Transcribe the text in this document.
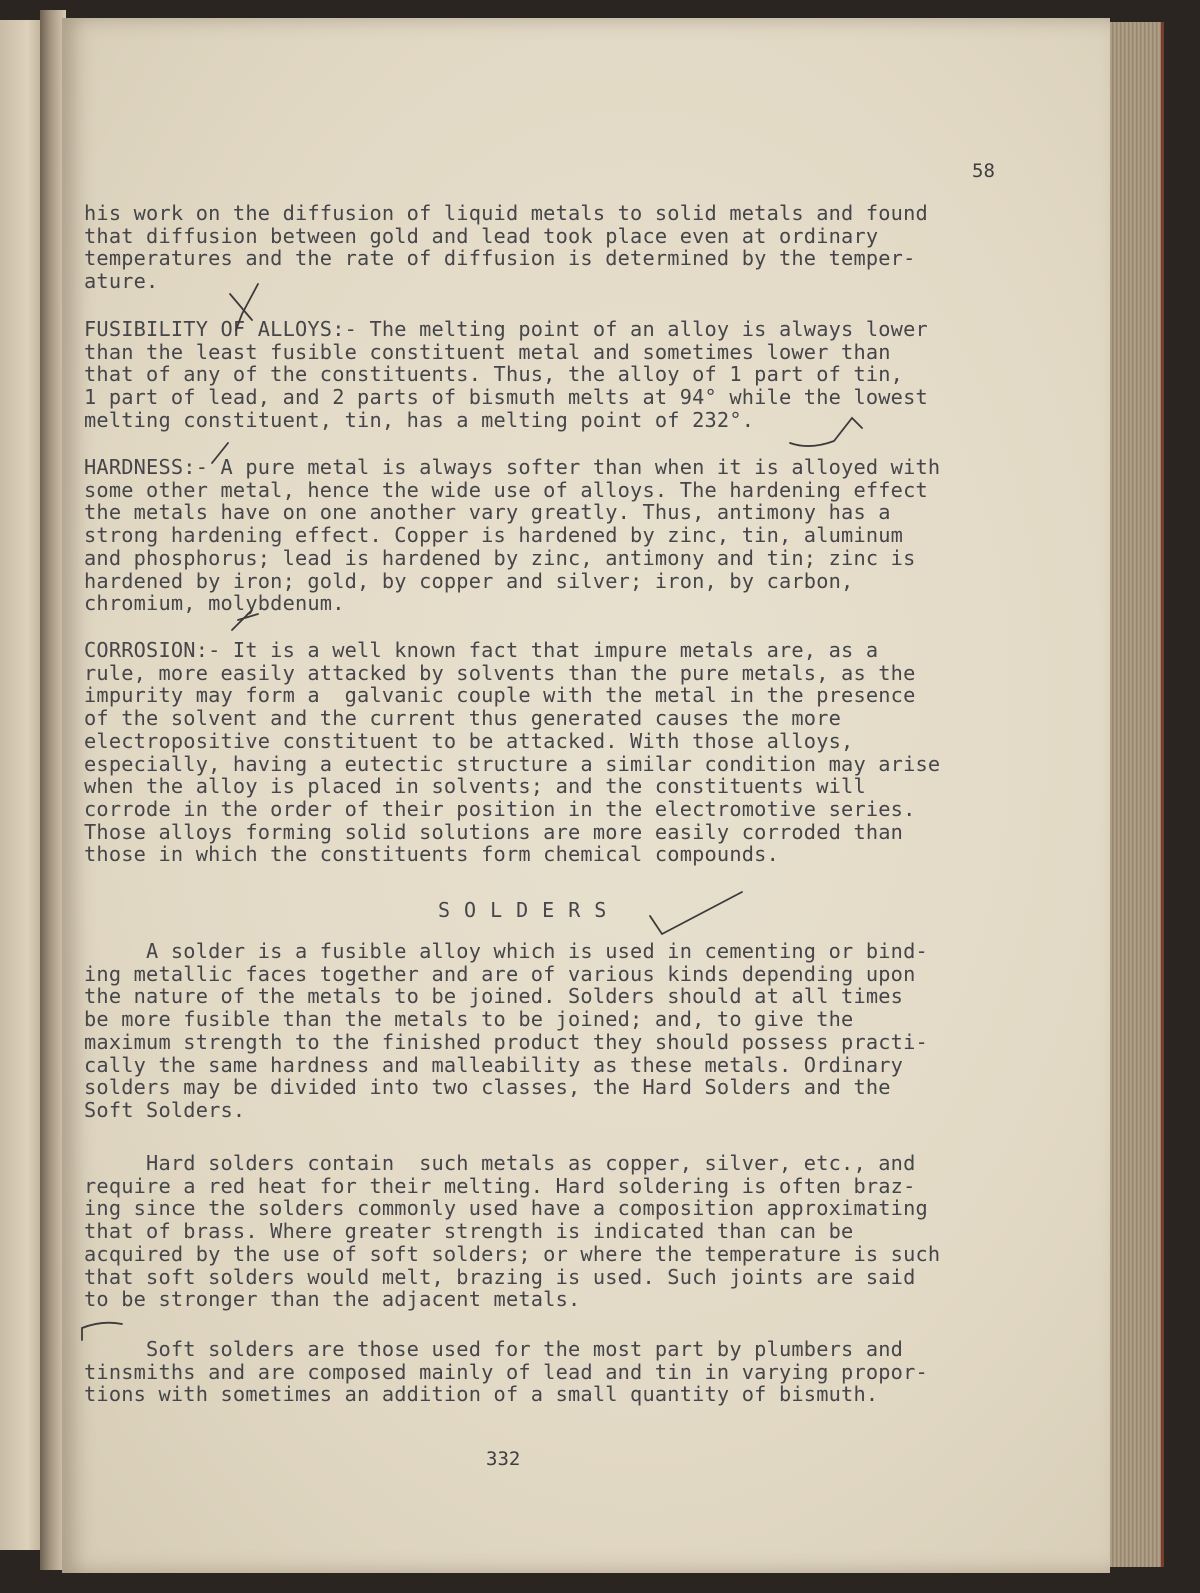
58
his work on the diffusion of liquid metals to solid metals and found
that diffusion between gold and lead took place even at ordinary
temperatures and the rate of diffusion is determined by the temper-
ature.
FUSIBILITY OF ALLOYS:- The melting point of an alloy is always lower
than the least fusible constituent metal and sometimes lower than
that of any of the constituents. Thus, the alloy of 1 part of tin,
1 part of lead, and 2 parts of bismuth melts at 94° while the lowest
melting constituent, tin, has a melting point of 232°.
HARDNESS:- A pure metal is always softer than when it is alloyed with
some other metal, hence the wide use of alloys. The hardening effect
the metals have on one another vary greatly. Thus, antimony has a
strong hardening effect. Copper is hardened by zinc, tin, aluminum
and phosphorus; lead is hardened by zinc, antimony and tin; zinc is
hardened by iron; gold, by copper and silver; iron, by carbon,
chromium, molybdenum.
CORROSION:- It is a well known fact that impure metals are, as a
rule, more easily attacked by solvents than the pure metals, as the
impurity may form a  galvanic couple with the metal in the presence
of the solvent and the current thus generated causes the more
electropositive constituent to be attacked. With those alloys,
especially, having a eutectic structure a similar condition may arise
when the alloy is placed in solvents; and the constituents will
corrode in the order of their position in the electromotive series.
Those alloys forming solid solutions are more easily corroded than
those in which the constituents form chemical compounds.
SOLDERS
A solder is a fusible alloy which is used in cementing or bind-
ing metallic faces together and are of various kinds depending upon
the nature of the metals to be joined. Solders should at all times
be more fusible than the metals to be joined; and, to give the
maximum strength to the finished product they should possess practi-
cally the same hardness and malleability as these metals. Ordinary
solders may be divided into two classes, the Hard Solders and the
Soft Solders.
Hard solders contain  such metals as copper, silver, etc., and
require a red heat for their melting. Hard soldering is often braz-
ing since the solders commonly used have a composition approximating
that of brass. Where greater strength is indicated than can be
acquired by the use of soft solders; or where the temperature is such
that soft solders would melt, brazing is used. Such joints are said
to be stronger than the adjacent metals.
Soft solders are those used for the most part by plumbers and
tinsmiths and are composed mainly of lead and tin in varying propor-
tions with sometimes an addition of a small quantity of bismuth.
332
